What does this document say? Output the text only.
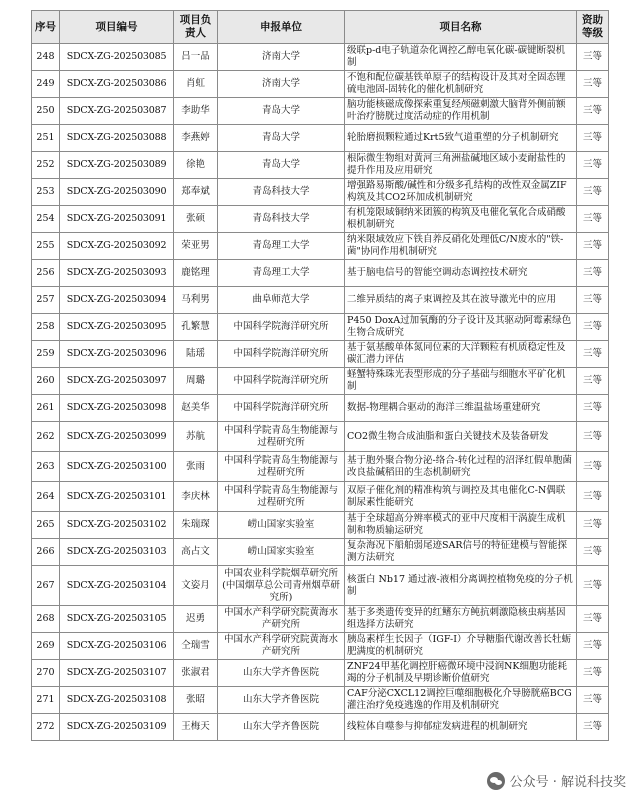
序号	项目编号	项目负责人	申报单位	项目名称	资助等级
248	SDCX-ZG-202503085	吕一品	济南大学	级联p-d电子轨道杂化调控乙醇电氧化碳-碳键断裂机制	三等
249	SDCX-ZG-202503086	肖虹	济南大学	不饱和配位碳基铁单原子的结构设计及其对全固态锂硫电池固-固转化的催化机制研究	三等
250	SDCX-ZG-202503087	李助华	青岛大学	脑功能核磁成像探索重复经颅磁刺激大脑背外侧前额叶治疗膀胱过度活动症的作用机制	三等
251	SDCX-ZG-202503088	李燕婷	青岛大学	轮胎磨损颗粒通过Krt5致气道重塑的分子机制研究	三等
252	SDCX-ZG-202503089	徐艳	青岛大学	根际微生物组对黄河三角洲盐碱地区域小麦耐盐性的提升作用及应用研究	三等
253	SDCX-ZG-202503090	郑奉斌	青岛科技大学	增强路易斯酸/碱性和分级多孔结构的改性双金属ZIF构筑及其CO2环加成机制研究	三等
254	SDCX-ZG-202503091	张硕	青岛科技大学	有机笼限域铜纳米团簇的构筑及电催化氧化合成硝酸根机制研究	三等
255	SDCX-ZG-202503092	荣亚男	青岛理工大学	纳米限域效应下铁自养反硝化处理低C/N废水的"铁-菌"协同作用机制研究	三等
256	SDCX-ZG-202503093	鹿铭理	青岛理工大学	基于脑电信号的智能空调动态调控技术研究	三等
257	SDCX-ZG-202503094	马利男	曲阜师范大学	二维异质结的离子束调控及其在波导激光中的应用	三等
258	SDCX-ZG-202503095	孔繁慧	中国科学院海洋研究所	P450 DoxA过加氧酶的分子设计及其驱动阿霉素绿色生物合成研究	三等
259	SDCX-ZG-202503096	陆瑶	中国科学院海洋研究所	基于氨基酸单体氮同位素的大洋颗粒有机质稳定性及碳汇潜力评估	三等
260	SDCX-ZG-202503097	周璐	中国科学院海洋研究所	蛏蟹特殊珠光表型形成的分子基础与细胞水平矿化机制	三等
261	SDCX-ZG-202503098	赵美华	中国科学院海洋研究所	数据-物理耦合驱动的海洋三维温盐场重建研究	三等
262	SDCX-ZG-202503099	苏航	中国科学院青岛生物能源与过程研究所	CO2微生物合成油脂和蛋白关键技术及装备研发	三等
263	SDCX-ZG-202503100	张雨	中国科学院青岛生物能源与过程研究所	基于胞外聚合物分泌-络合-转化过程的沼泽红假单胞菌改良盐碱稻田的生态机制研究	三等
264	SDCX-ZG-202503101	李庆林	中国科学院青岛生物能源与过程研究所	双原子催化剂的精准构筑与调控及其电催化C-N偶联制尿素性能研究	三等
265	SDCX-ZG-202503102	朱瑞琛	崂山国家实验室	基于全球超高分辨率模式的亚中尺度相干涡旋生成机制和物质输运研究	三等
266	SDCX-ZG-202503103	高占文	崂山国家实验室	复杂海况下船舶弱尾迹SAR信号的特征建模与智能探测方法研究	三等
267	SDCX-ZG-202503104	文姿月	中国农业科学院烟草研究所(中国烟草总公司青州烟草研究所)	核蛋白 Nb17 通过液-液相分离调控植物免疫的分子机制	三等
268	SDCX-ZG-202503105	迟勇	中国水产科学研究院黄海水产研究所	基于多类遗传变异的红鳍东方鲀抗刺激隐核虫病基因组选择方法研究	三等
269	SDCX-ZG-202503106	仝瑞雪	中国水产科学研究院黄海水产研究所	胰岛素样生长因子（IGF-I）介导糖脂代谢改善长牡蛎肥满度的机制研究	三等
270	SDCX-ZG-202503107	张淑君	山东大学齐鲁医院	ZNF24甲基化调控肝癌微环境中浸润NK细胞功能耗竭的分子机制及早期诊断价值研究	三等
271	SDCX-ZG-202503108	张昭	山东大学齐鲁医院	CAF分泌CXCL12调控巨噬细胞极化介导膀胱癌BCG灌注治疗免疫逃逸的作用及机制研究	三等
272	SDCX-ZG-202503109	王梅天	山东大学齐鲁医院	线粒体自噬参与抑郁症发病进程的机制研究	三等
公众号 · 解说科技奖
